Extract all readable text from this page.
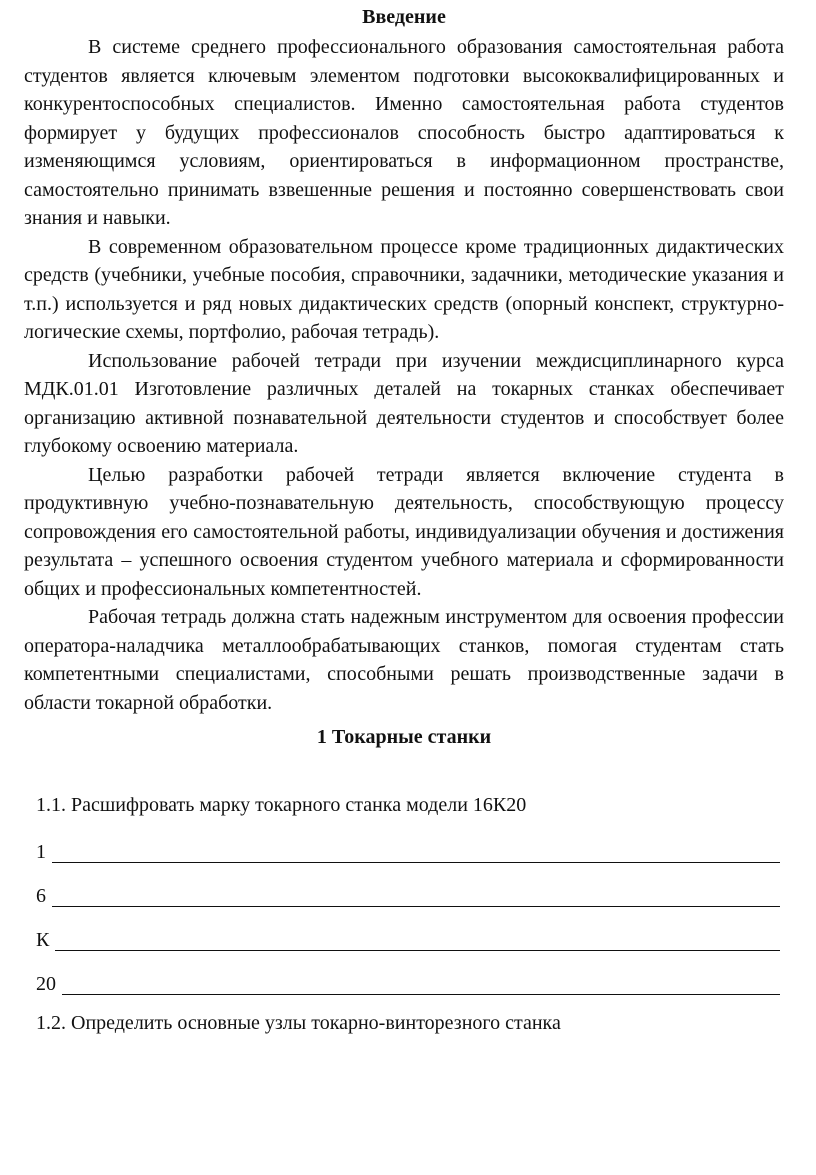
Введение

В системе среднего профессионального образования самостоятельная работа студентов является ключевым элементом подготовки высококвалифицированных и конкурентоспособных специалистов. Именно самостоятельная работа студентов формирует у будущих профессионалов способность быстро адаптироваться к изменяющимся условиям, ориентироваться в информационном пространстве, самостоятельно принимать взвешенные решения и постоянно совершенствовать свои знания и навыки.

В современном образовательном процессе кроме традиционных дидактических средств (учебники, учебные пособия, справочники, задачники, методические указания и т.п.) используется и ряд новых дидактических средств (опорный конспект, структурно-логические схемы, портфолио, рабочая тетрадь).

Использование рабочей тетради при изучении междисциплинарного курса МДК.01.01 Изготовление различных деталей на токарных станках обеспечивает организацию активной познавательной деятельности студентов и способствует более глубокому освоению материала.

Целью разработки рабочей тетради является включение студента в продуктивную учебно-познавательную деятельность, способствующую процессу сопровождения его самостоятельной работы, индивидуализации обучения и достижения результата – успешного освоения студентом учебного материала и сформированности общих и профессиональных компетентностей.

Рабочая тетрадь должна стать надежным инструментом для освоения профессии оператора-наладчика металлообрабатывающих станков, помогая студентам стать компетентными специалистами, способными решать производственные задачи в области токарной обработки.

1 Токарные станки

1.1. Расшифровать марку токарного станка модели 16К20

1
6
К
20

1.2. Определить основные узлы токарно-винторезного станка
